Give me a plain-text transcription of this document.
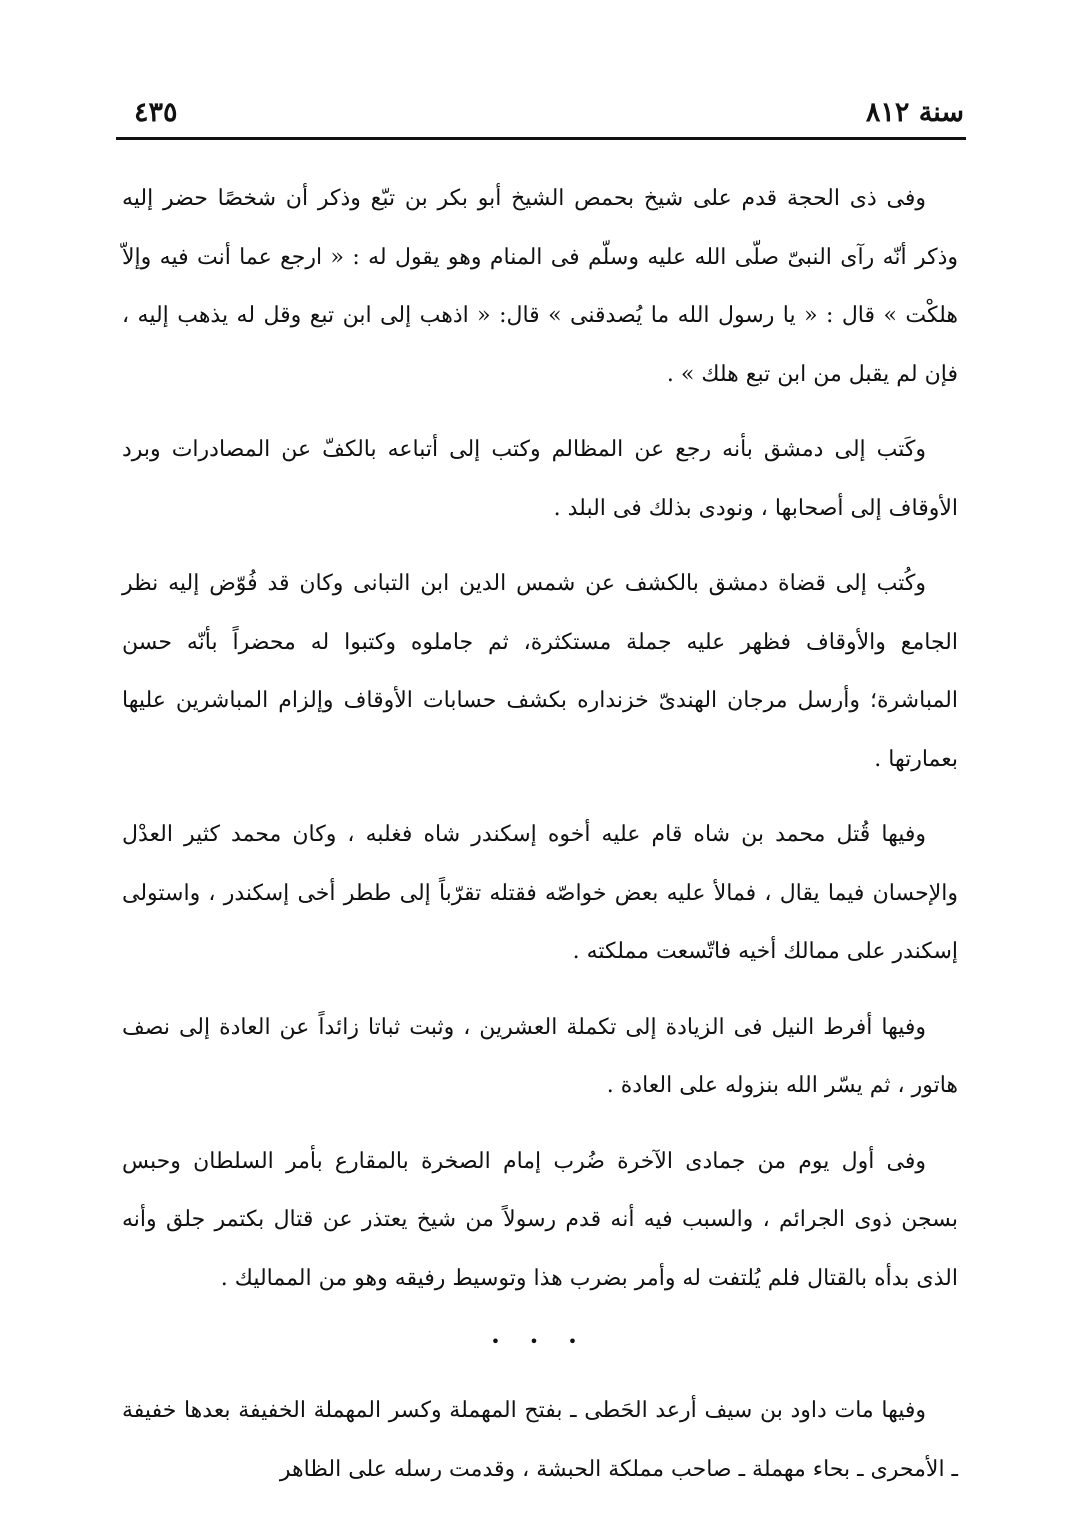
سنة ٨١٢
٤٣٥

وفى ذى الحجة قدم على شيخ بحمص الشيخ أبو بكر بن تبّع وذكر أن شخصًا حضر إليه وذكر أنّه رآى النبىّ صلّى الله عليه وسلّم فى المنام وهو يقول له : « ارجع عما أنت فيه وإلاّ هلكْت » قال : « يا رسول الله ما يُصدقنى » قال: « اذهب إلى ابن تبع وقل له يذهب إليه ، فإن لم يقبل من ابن تبع هلك » .

وكَتب إلى دمشق بأنه رجع عن المظالم وكتب إلى أتباعه بالكفّ عن المصادرات وبرد الأوقاف إلى أصحابها ، ونودى بذلك فى البلد .

وكُتب إلى قضاة دمشق بالكشف عن شمس الدين ابن التبانى وكان قد فُوّض إليه نظر الجامع والأوقاف فظهر عليه جملة مستكثرة، ثم جاملوه وكتبوا له محضراً بأنّه حسن المباشرة؛ وأرسل مرجان الهندىّ خزنداره بكشف حسابات الأوقاف وإلزام المباشرين عليها بعمارتها .

وفيها قُتل محمد بن شاه قام عليه أخوه إسكندر شاه فغلبه ، وكان محمد كثير العدْل والإحسان فيما يقال ، فمالأ عليه بعض خواصّه فقتله تقرّباً إلى ططر أخى إسكندر ، واستولى إسكندر على ممالك أخيه فاتّسعت مملكته .

وفيها أفرط النيل فى الزيادة إلى تكملة العشرين ، وثبت ثباتا زائداً عن العادة إلى نصف هاتور ، ثم يسّر الله بنزوله على العادة .

وفى أول يوم من جمادى الآخرة ضُرب إمام الصخرة بالمقارع بأمر السلطان وحبس بسجن ذوى الجرائم ، والسبب فيه أنه قدم رسولاً من شيخ يعتذر عن قتال بكتمر جلق وأنه الذى بدأه بالقتال فلم يُلتفت له وأمر بضرب هذا وتوسيط رفيقه وهو من المماليك .

• • •

وفيها مات داود بن سيف أرعد الحَطى ـ بفتح المهملة وكسر المهملة الخفيفة بعدها خفيفة ـ الأمحرى ـ بحاء مهملة ـ صاحب مملكة الحبشة ، وقدمت رسله على الظاهر
